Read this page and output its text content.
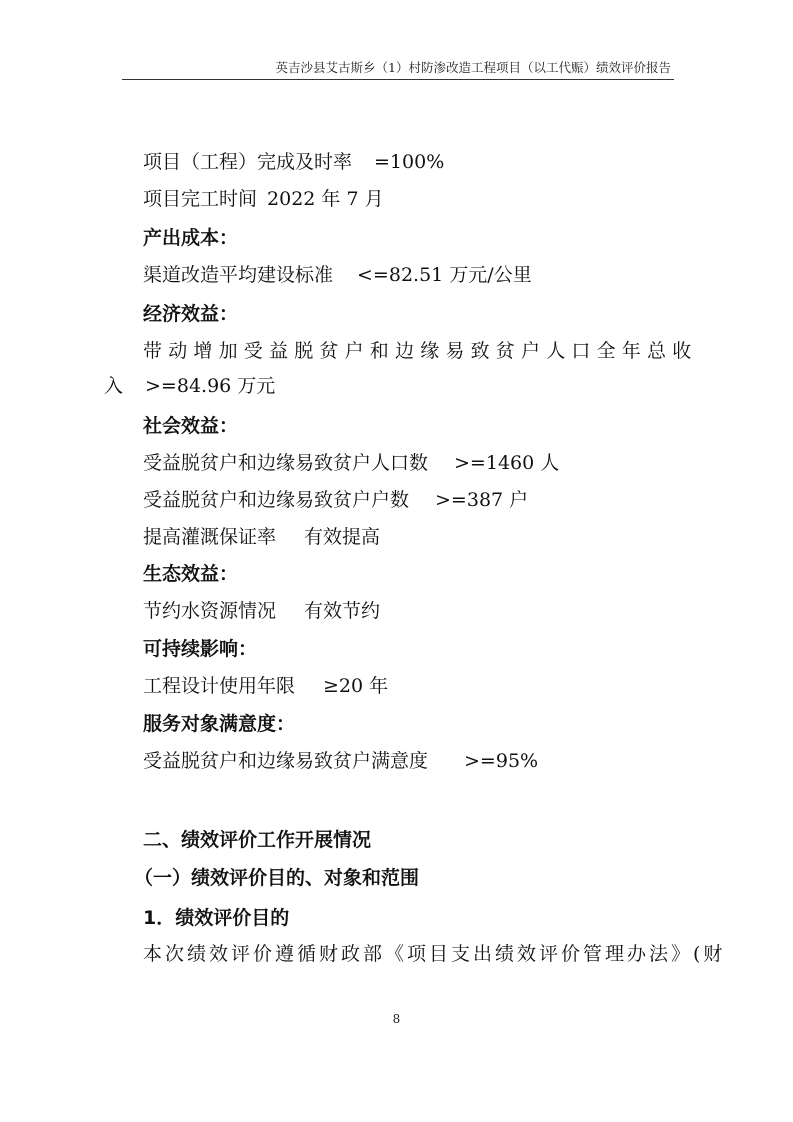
英吉沙县艾古斯乡（1）村防渗改造工程项目（以工代赈）绩效评价报告
项目（工程）完成及时率 =100%
项目完工时间 2022 年 7 月
产出成本：
渠道改造平均建设标准 <=82.51 万元/公里
经济效益：
带动增加受益脱贫户和边缘易致贫户人口全年总收
入 >=84.96 万元
社会效益：
受益脱贫户和边缘易致贫户人口数 >=1460 人
受益脱贫户和边缘易致贫户户数 >=387 户
提高灌溉保证率 有效提高
生态效益：
节约水资源情况 有效节约
可持续影响：
工程设计使用年限 ≥20 年
服务对象满意度：
受益脱贫户和边缘易致贫户满意度 >=95%
二、绩效评价工作开展情况
（一）绩效评价目的、对象和范围
1．绩效评价目的
本次绩效评价遵循财政部《项目支出绩效评价管理办法》(财
8
